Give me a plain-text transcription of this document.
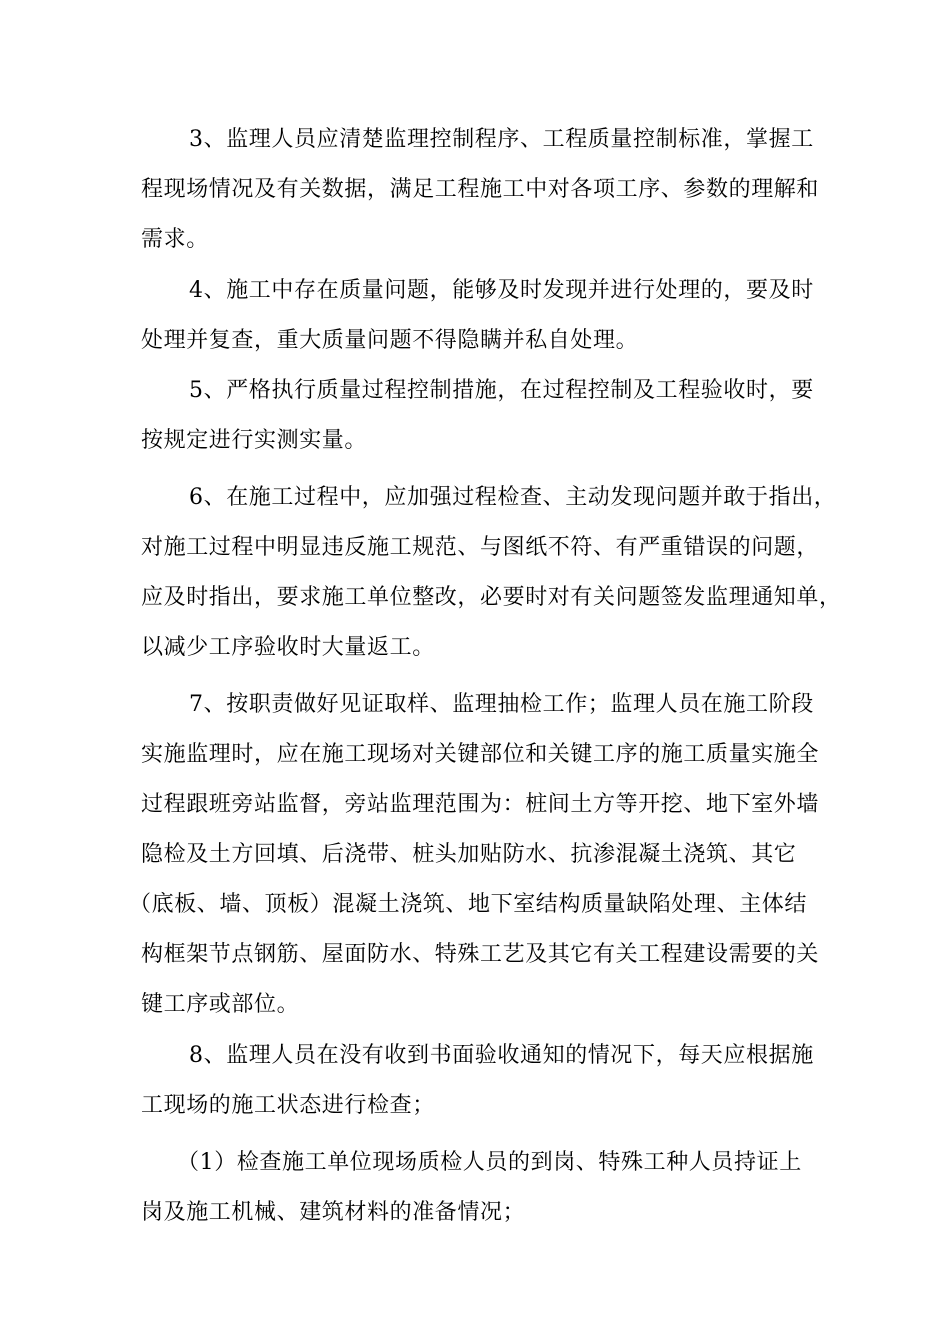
3、监理人员应清楚监理控制程序、工程质量控制标准，掌握工
程现场情况及有关数据，满足工程施工中对各项工序、参数的理解和
需求。
4、施工中存在质量问题，能够及时发现并进行处理的，要及时
处理并复查，重大质量问题不得隐瞒并私自处理。
5、严格执行质量过程控制措施，在过程控制及工程验收时，要
按规定进行实测实量。
6、在施工过程中，应加强过程检查、主动发现问题并敢于指出，
对施工过程中明显违反施工规范、与图纸不符、有严重错误的问题，
应及时指出，要求施工单位整改，必要时对有关问题签发监理通知单，
以减少工序验收时大量返工。
7、按职责做好见证取样、监理抽检工作；监理人员在施工阶段
实施监理时，应在施工现场对关键部位和关键工序的施工质量实施全
过程跟班旁站监督，旁站监理范围为：桩间土方等开挖、地下室外墙
隐检及土方回填、后浇带、桩头加贴防水、抗渗混凝土浇筑、其它
（底板、墙、顶板）混凝土浇筑、地下室结构质量缺陷处理、主体结
构框架节点钢筋、屋面防水、特殊工艺及其它有关工程建设需要的关
键工序或部位。
8、监理人员在没有收到书面验收通知的情况下，每天应根据施
工现场的施工状态进行检查；
（1）检查施工单位现场质检人员的到岗、特殊工种人员持证上
岗及施工机械、建筑材料的准备情况；
